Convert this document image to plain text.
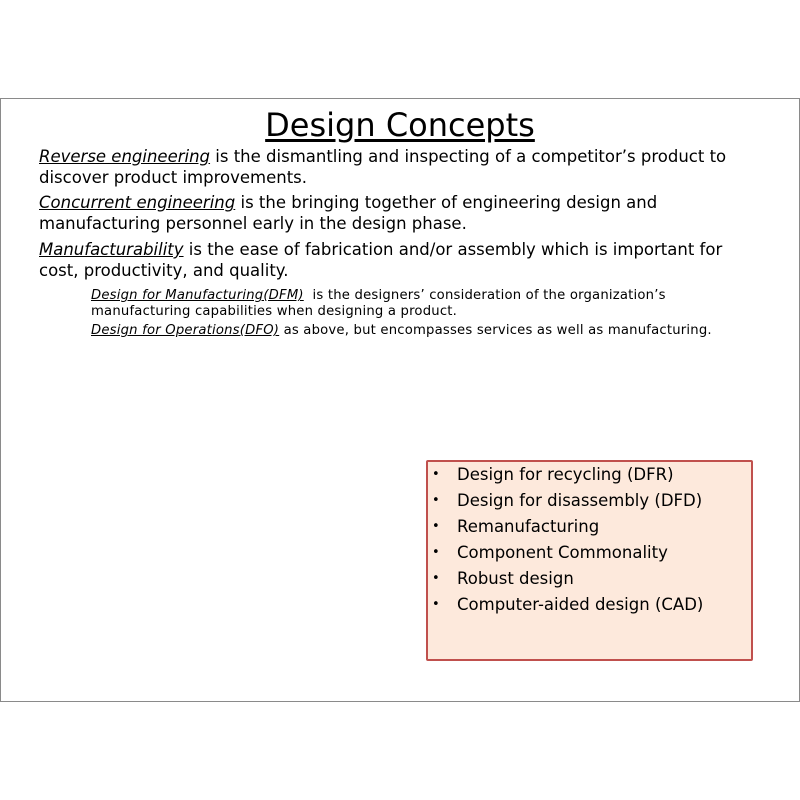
Design Concepts
Reverse engineering is the dismantling and inspecting of a competitor’s product to discover product improvements.
Concurrent engineering is the bringing together of engineering design and manufacturing personnel early in the design phase.
Manufacturability is the ease of fabrication and/or assembly which is important for cost, productivity, and quality.
Design for Manufacturing(DFM)  is the designers’ consideration of the organization’s manufacturing capabilities when designing a product.
Design for Operations(DFO) as above, but encompasses services as well as manufacturing.
• Design for recycling (DFR)
• Design for disassembly (DFD)
• Remanufacturing
• Component Commonality
• Robust design
• Computer-aided design (CAD)
